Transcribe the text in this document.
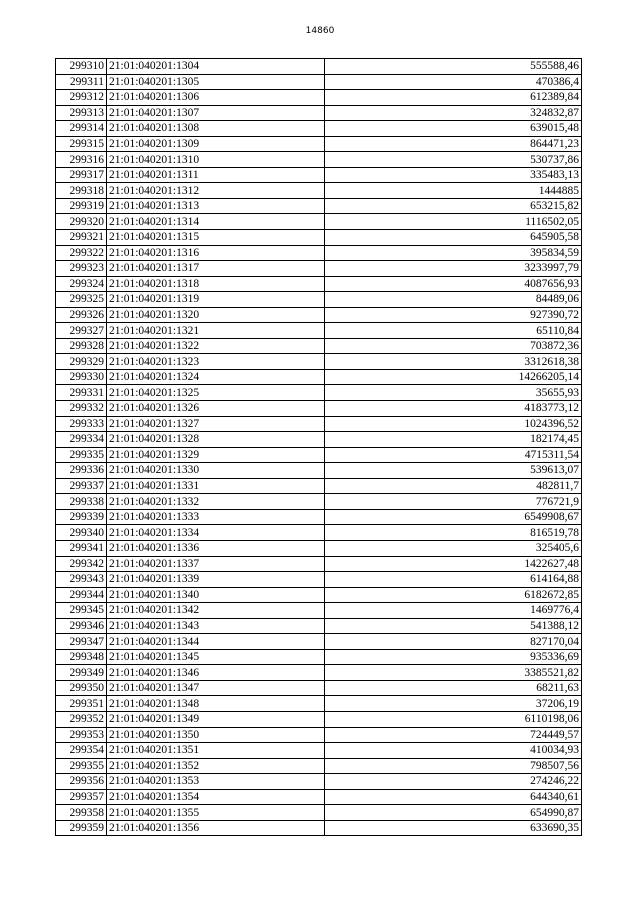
14860
299310	21:01:040201:1304	555588,46
299311	21:01:040201:1305	470386,4
299312	21:01:040201:1306	612389,84
299313	21:01:040201:1307	324832,87
299314	21:01:040201:1308	639015,48
299315	21:01:040201:1309	864471,23
299316	21:01:040201:1310	530737,86
299317	21:01:040201:1311	335483,13
299318	21:01:040201:1312	1444885
299319	21:01:040201:1313	653215,82
299320	21:01:040201:1314	1116502,05
299321	21:01:040201:1315	645905,58
299322	21:01:040201:1316	395834,59
299323	21:01:040201:1317	3233997,79
299324	21:01:040201:1318	4087656,93
299325	21:01:040201:1319	84489,06
299326	21:01:040201:1320	927390,72
299327	21:01:040201:1321	65110,84
299328	21:01:040201:1322	703872,36
299329	21:01:040201:1323	3312618,38
299330	21:01:040201:1324	14266205,14
299331	21:01:040201:1325	35655,93
299332	21:01:040201:1326	4183773,12
299333	21:01:040201:1327	1024396,52
299334	21:01:040201:1328	182174,45
299335	21:01:040201:1329	4715311,54
299336	21:01:040201:1330	539613,07
299337	21:01:040201:1331	482811,7
299338	21:01:040201:1332	776721,9
299339	21:01:040201:1333	6549908,67
299340	21:01:040201:1334	816519,78
299341	21:01:040201:1336	325405,6
299342	21:01:040201:1337	1422627,48
299343	21:01:040201:1339	614164,88
299344	21:01:040201:1340	6182672,85
299345	21:01:040201:1342	1469776,4
299346	21:01:040201:1343	541388,12
299347	21:01:040201:1344	827170,04
299348	21:01:040201:1345	935336,69
299349	21:01:040201:1346	3385521,82
299350	21:01:040201:1347	68211,63
299351	21:01:040201:1348	37206,19
299352	21:01:040201:1349	6110198,06
299353	21:01:040201:1350	724449,57
299354	21:01:040201:1351	410034,93
299355	21:01:040201:1352	798507,56
299356	21:01:040201:1353	274246,22
299357	21:01:040201:1354	644340,61
299358	21:01:040201:1355	654990,87
299359	21:01:040201:1356	633690,35
